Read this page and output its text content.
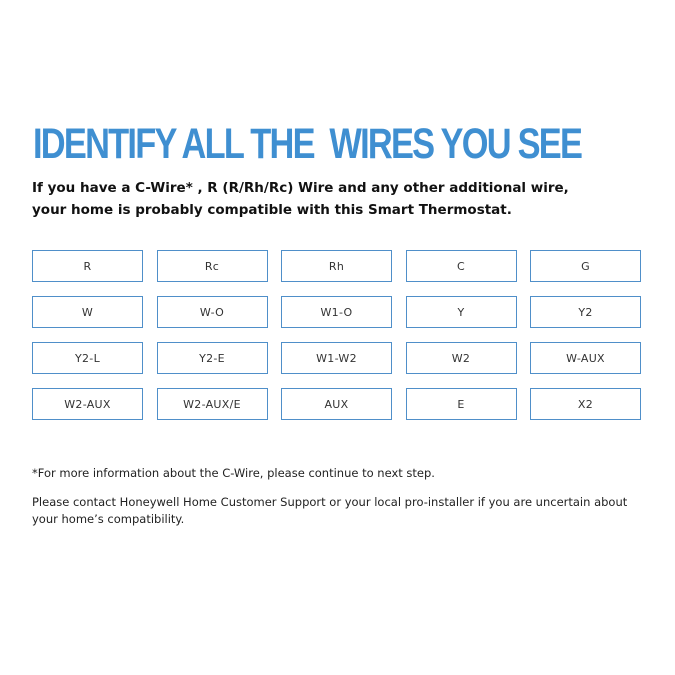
IDENTIFY ALL THE  WIRES YOU SEE

If you have a C-Wire* , R (R/Rh/Rc) Wire and any other additional wire,
your home is probably compatible with this Smart Thermostat.

R	Rc	Rh	C	G
W	W-O	W1-O	Y	Y2
Y2-L	Y2-E	W1-W2	W2	W-AUX
W2-AUX	W2-AUX/E	AUX	E	X2

*For more information about the C-Wire, please continue to next step.

Please contact Honeywell Home Customer Support or your local pro-installer if you are uncertain about
your home’s compatibility.
